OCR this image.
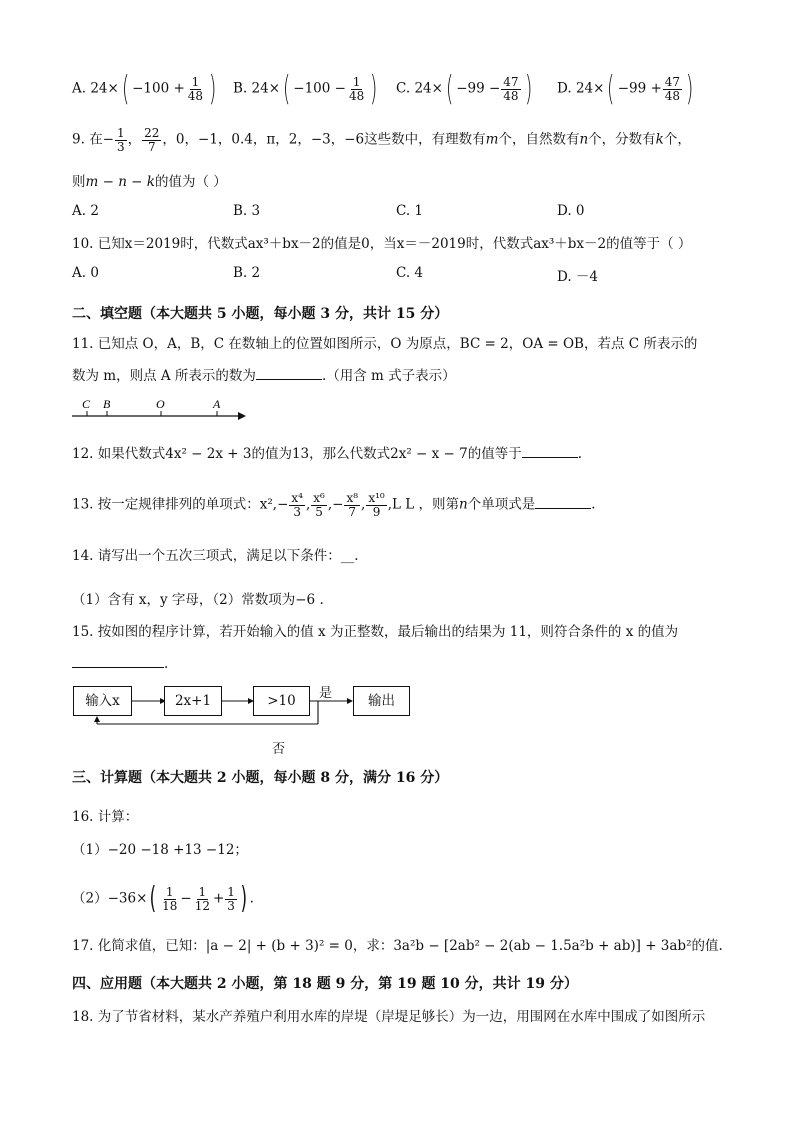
A. $24\times( -100 + \frac{1}{48}$ ) B. $24\times( -100 - \frac{1}{48}$ ) C. $24\times( -99 - \frac{47}{48}$ ) D. $24\times( -99 + \frac{47}{48}$ )
9. 在− $\frac{1}{3}$ ， $\frac{22}{7}$ ，0，−1，0.4，π，2，−3，−6这些数中，有理数有m个，自然数有n个，分数有k个，
则m − n − k的值为（ ）
A. 2	B. 3	C. 1	D. 0
10. 已知x＝2019时，代数式ax³＋bx－2的值是0，当x＝－2019时，代数式ax³＋bx－2的值等于（ ）
A. 0	B. 2	C. 4	D. －4
二、填空题（本大题共 5 小题，每小题 3 分，共计 15 分）
11. 已知点 O，A，B，C 在数轴上的位置如图所示，O 为原点，BC = 2，OA = OB，若点 C 所表示的
数为 m，则点 A 所表示的数为	.（用含 m 式子表示）
C B	O	A
12. 如果代数式4x² − 2x + 3的值为13，那么代数式2x² − x − 7的值等于	.
13. 按一定规律排列的单项式：$x^2,- \frac{\text{x⁴}}{3}$ , $\frac{\text{x⁶}}{5}$ ,− $\frac{\text{x⁸}}{7}$ , $\frac{\text{x¹⁰}}{9} ,L$ L ，则第n个单项式是	.
14. 请写出一个五次三项式，满足以下条件：__.
（1）含有 x，y 字母，（2）常数项为−6 .
15. 按如图的程序计算，若开始输入的值 x 为正整数，最后输出的结果为 11，则符合条件的 x 的值为
.
输入x	2x+1	>10	输出
是
否
三、计算题（本大题共 2 小题，每小题 8 分，满分 16 分）
16. 计算：
（1）−20 −18 +13 −12；
$(2)-36\times( \frac{1}{18} - \frac{1}{12} + \frac{1}{3}$ ) .
17. 化简求值，已知：|a − 2| + (b + 3)² = 0，求：3a²b − [2ab² − 2(ab − 1.5a²b + ab)] + 3ab²的值.
四、应用题（本大题共 2 小题，第 18 题 9 分，第 19 题 10 分，共计 19 分）
18. 为了节省材料，某水产养殖户利用水库的岸堤（岸堤足够长）为一边，用围网在水库中围成了如图所示
